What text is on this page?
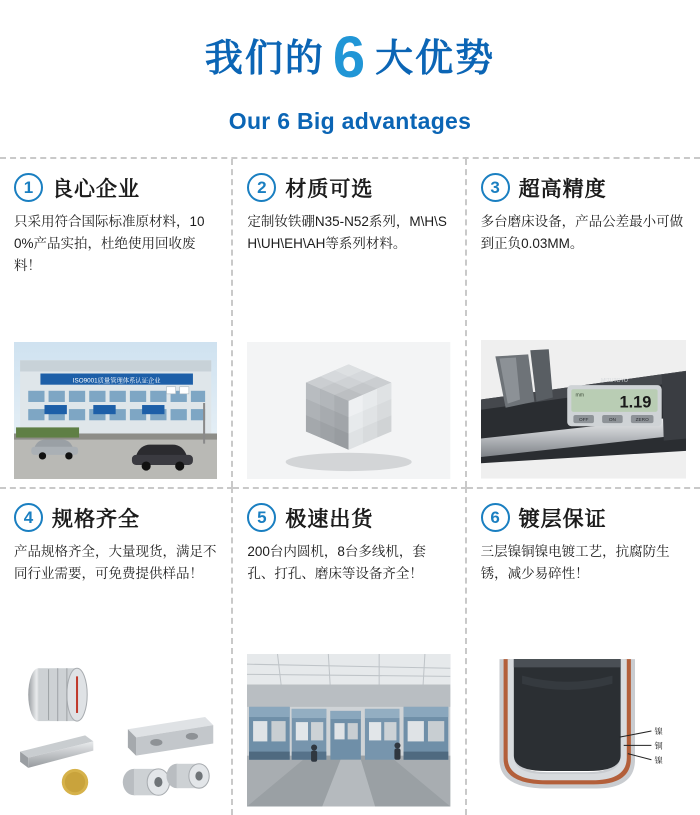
我们的 6 大优势
Our 6 Big advantages
1 良心企业

只采用符合国际标准原材料，100%产品实拍，杜绝使用回收废料！

ISO9001质量管理体系认证企业
2 材质可选

定制钕铁硼N35-N52系列，M\H\SH\UH\EH\AH等系列材料。

3 超高精度

多台磨床设备，产品公差最小可做到正负0.03MM。

1.19
mm
OFF	ON	ZERO
MITUTOYO
4 规格齐全

产品规格齐全，大量现货，满足不同行业需要，可免费提供样品！

5 极速出货

200台内圆机，8台多线机，套孔、打孔、磨床等设备齐全！

6 镀层保证

三层镍铜镍电镀工艺，抗腐防生锈，减少易碎性！

镍
铜
镍
